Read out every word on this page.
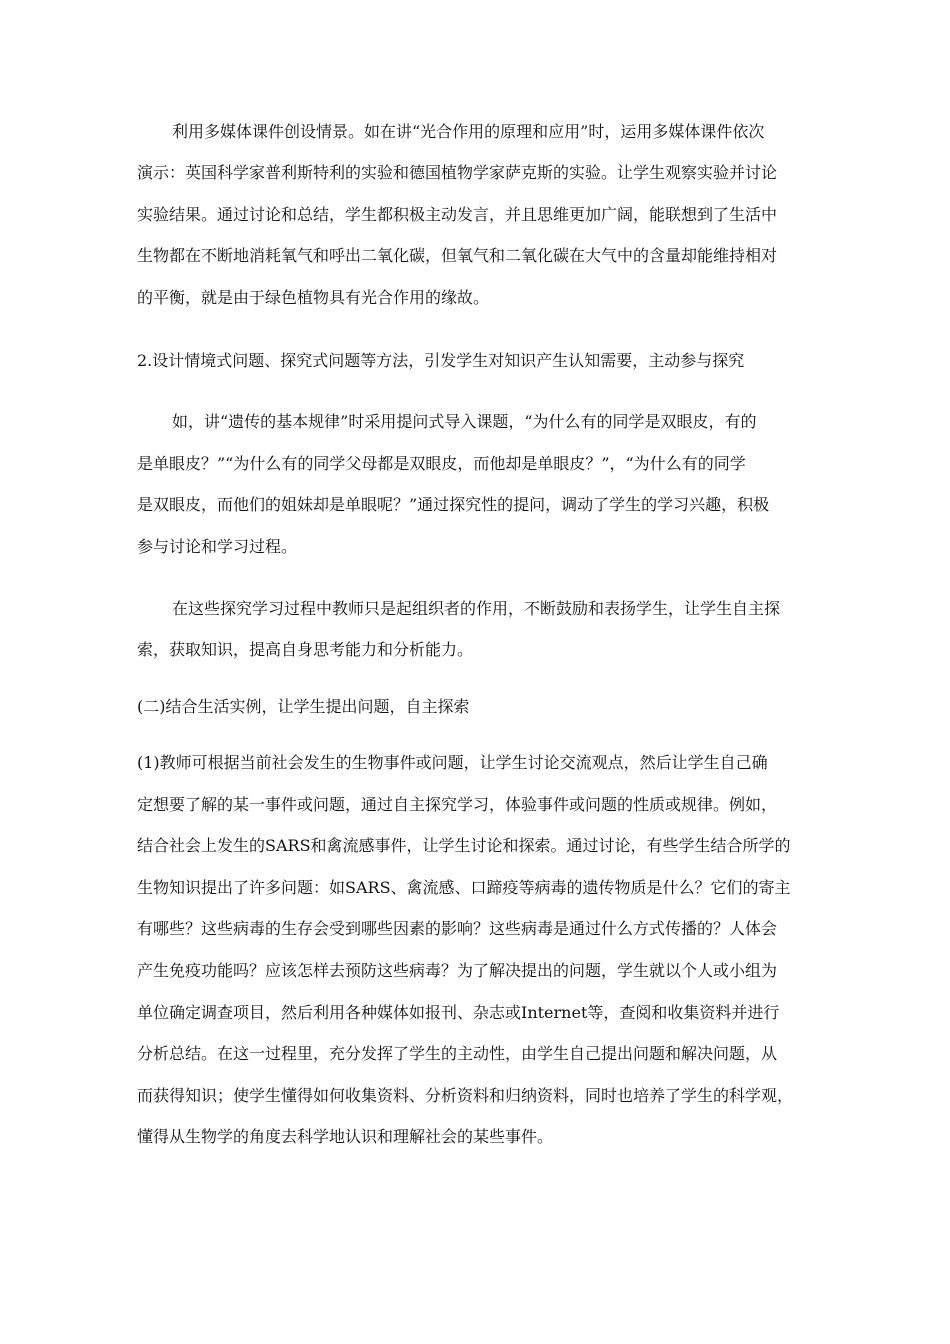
利用多媒体课件创设情景。如在讲“光合作用的原理和应用”时，运用多媒体课件依次

演示：英国科学家普利斯特利的实验和德国植物学家萨克斯的实验。让学生观察实验并讨论

实验结果。通过讨论和总结，学生都积极主动发言，并且思维更加广阔，能联想到了生活中

生物都在不断地消耗氧气和呼出二氧化碳，但氧气和二氧化碳在大气中的含量却能维持相对

的平衡，就是由于绿色植物具有光合作用的缘故。

2.设计情境式问题、探究式问题等方法，引发学生对知识产生认知需要，主动参与探究

如，讲“遗传的基本规律”时采用提问式导入课题，“为什么有的同学是双眼皮，有的

是单眼皮？”“为什么有的同学父母都是双眼皮，而他却是单眼皮？”，“为什么有的同学

是双眼皮，而他们的姐妹却是单眼呢？”通过探究性的提问，调动了学生的学习兴趣，积极

参与讨论和学习过程。

在这些探究学习过程中教师只是起组织者的作用，不断鼓励和表扬学生，让学生自主探

索，获取知识，提高自身思考能力和分析能力。

(二)结合生活实例，让学生提出问题，自主探索

(1)教师可根据当前社会发生的生物事件或问题，让学生讨论交流观点，然后让学生自己确

定想要了解的某一事件或问题，通过自主探究学习，体验事件或问题的性质或规律。例如，

结合社会上发生的SARS和禽流感事件，让学生讨论和探索。通过讨论，有些学生结合所学的

生物知识提出了许多问题：如SARS、禽流感、口蹄疫等病毒的遗传物质是什么？它们的寄主

有哪些？这些病毒的生存会受到哪些因素的影响？这些病毒是通过什么方式传播的？人体会

产生免疫功能吗？应该怎样去预防这些病毒？为了解决提出的问题，学生就以个人或小组为

单位确定调查项目，然后利用各种媒体如报刊、杂志或Internet等，查阅和收集资料并进行

分析总结。在这一过程里，充分发挥了学生的主动性，由学生自己提出问题和解决问题，从

而获得知识；使学生懂得如何收集资料、分析资料和归纳资料，同时也培养了学生的科学观，

懂得从生物学的角度去科学地认识和理解社会的某些事件。
